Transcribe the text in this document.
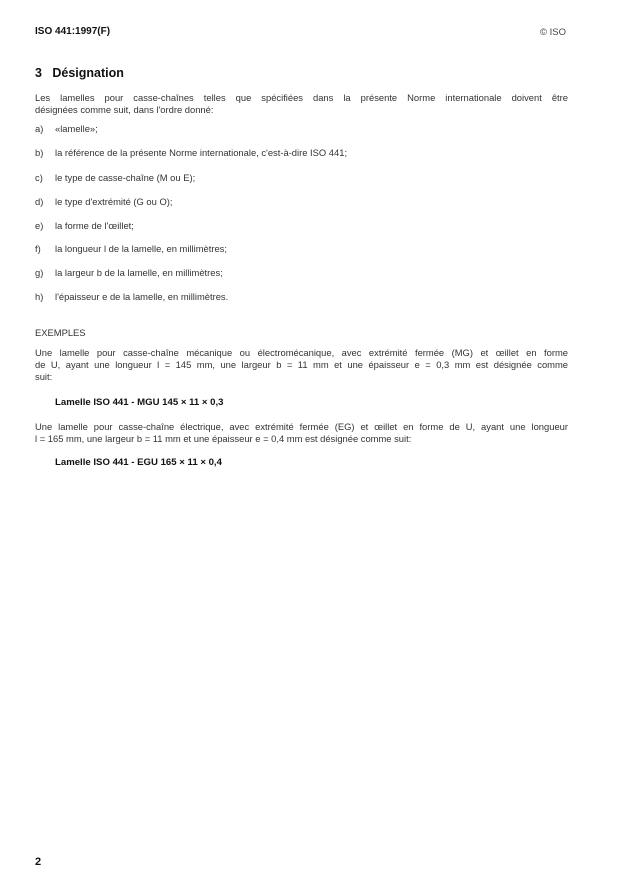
ISO 441:1997(F)	© ISO
3 Désignation
Les lamelles pour casse-chaînes telles que spécifiées dans la présente Norme internationale doivent être
désignées comme suit, dans l'ordre donné:
a) «lamelle»;
b) la référence de la présente Norme internationale, c'est-à-dire ISO 441;
c) le type de casse-chaîne (M ou E);
d) le type d'extrémité (G ou O);
e) la forme de l'œillet;
f) la longueur l de la lamelle, en millimètres;
g) la largeur b de la lamelle, en millimètres;
h) l'épaisseur e de la lamelle, en millimètres.
EXEMPLES
Une lamelle pour casse-chaîne mécanique ou électromécanique, avec extrémité fermée (MG) et œillet en forme
de U, ayant une longueur l = 145 mm, une largeur b = 11 mm et une épaisseur e = 0,3 mm est désignée comme
suit:
Lamelle ISO 441 - MGU 145 × 11 × 0,3
Une lamelle pour casse-chaîne électrique, avec extrémité fermée (EG) et œillet en forme de U, ayant une longueur
l = 165 mm, une largeur b = 11 mm et une épaisseur e = 0,4 mm est désignée comme suit:
Lamelle ISO 441 - EGU 165 × 11 × 0,4
2
